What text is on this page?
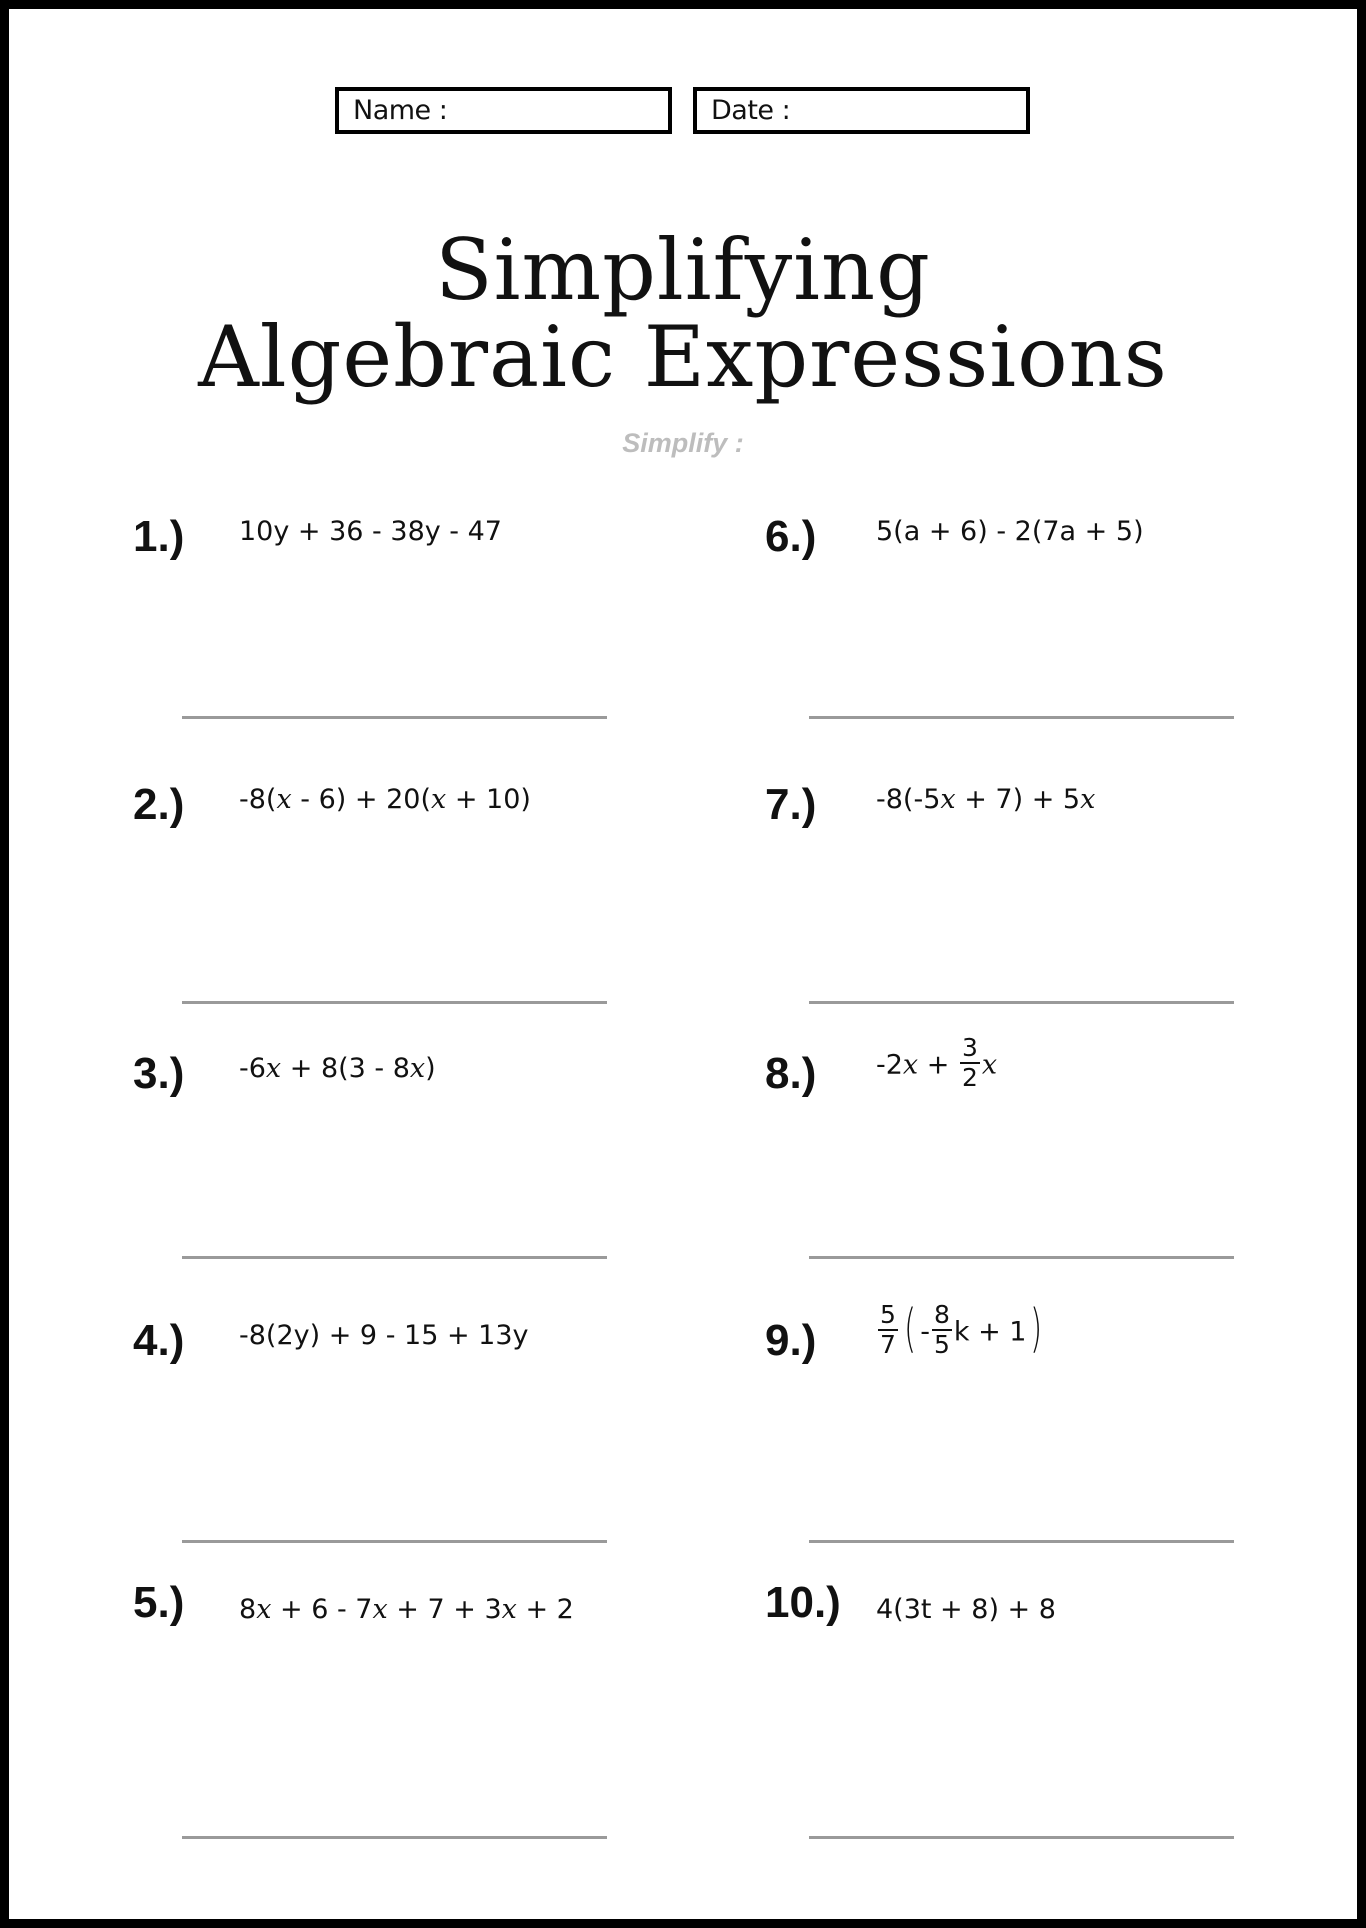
Name :	Date :
Simplifying
Algebraic Expressions
Simplify :
1.) 10y + 36 - 38y - 47
2.) -8(x - 6) + 20(x + 10)
3.) -6x + 8(3 - 8x)
4.) -8(2y) + 9 - 15 + 13y
5.) 8x + 6 - 7x + 7 + 3x + 2
6.) 5(a + 6) - 2(7a + 5)
7.) -8(-5x + 7) + 5x
8.) $-2x + \frac{3}{2}$ x
$9.) \frac{5}{7}$ ( - $\frac{8}{5}$ k + 1)
10.) 4(3t + 8) + 8
